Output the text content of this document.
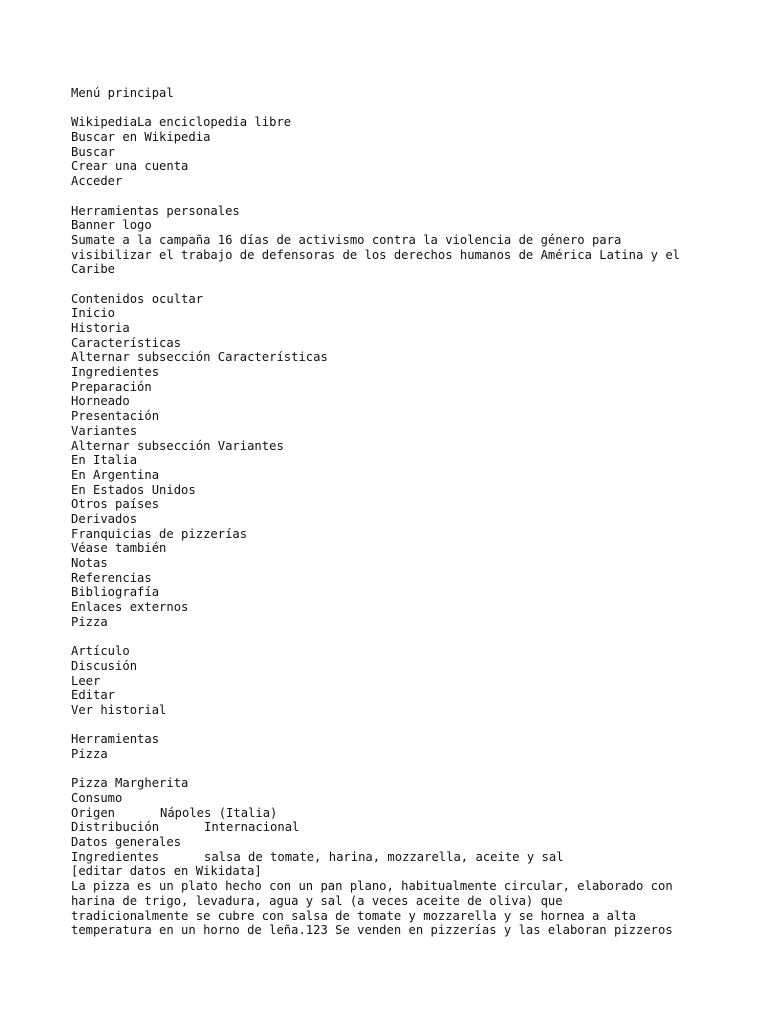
Menú principal
WikipediaLa enciclopedia libre
Buscar en Wikipedia
Buscar
Crear una cuenta
Acceder
Herramientas personales
Banner logo
Sumate a la campaña 16 días de activismo contra la violencia de género para
visibilizar el trabajo de defensoras de los derechos humanos de América Latina y el
Caribe
Contenidos ocultar
Inicio
Historia
Características
Alternar subsección Características
Ingredientes
Preparación
Horneado
Presentación
Variantes
Alternar subsección Variantes
En Italia
En Argentina
En Estados Unidos
Otros países
Derivados
Franquicias de pizzerías
Véase también
Notas
Referencias
Bibliografía
Enlaces externos
Pizza
Artículo
Discusión
Leer
Editar
Ver historial
Herramientas
Pizza
Pizza Margherita
Consumo
Origen	Nápoles (Italia)
Distribución	Internacional
Datos generales
Ingredientes	salsa de tomate, harina, mozzarella, aceite y sal
[editar datos en Wikidata]
La pizza es un plato hecho con un pan plano, habitualmente circular, elaborado con
harina de trigo, levadura, agua y sal (a veces aceite de oliva) que
tradicionalmente se cubre con salsa de tomate y mozzarella y se hornea a alta
temperatura en un horno de leña.123 Se venden en pizzerías y las elaboran pizzeros
